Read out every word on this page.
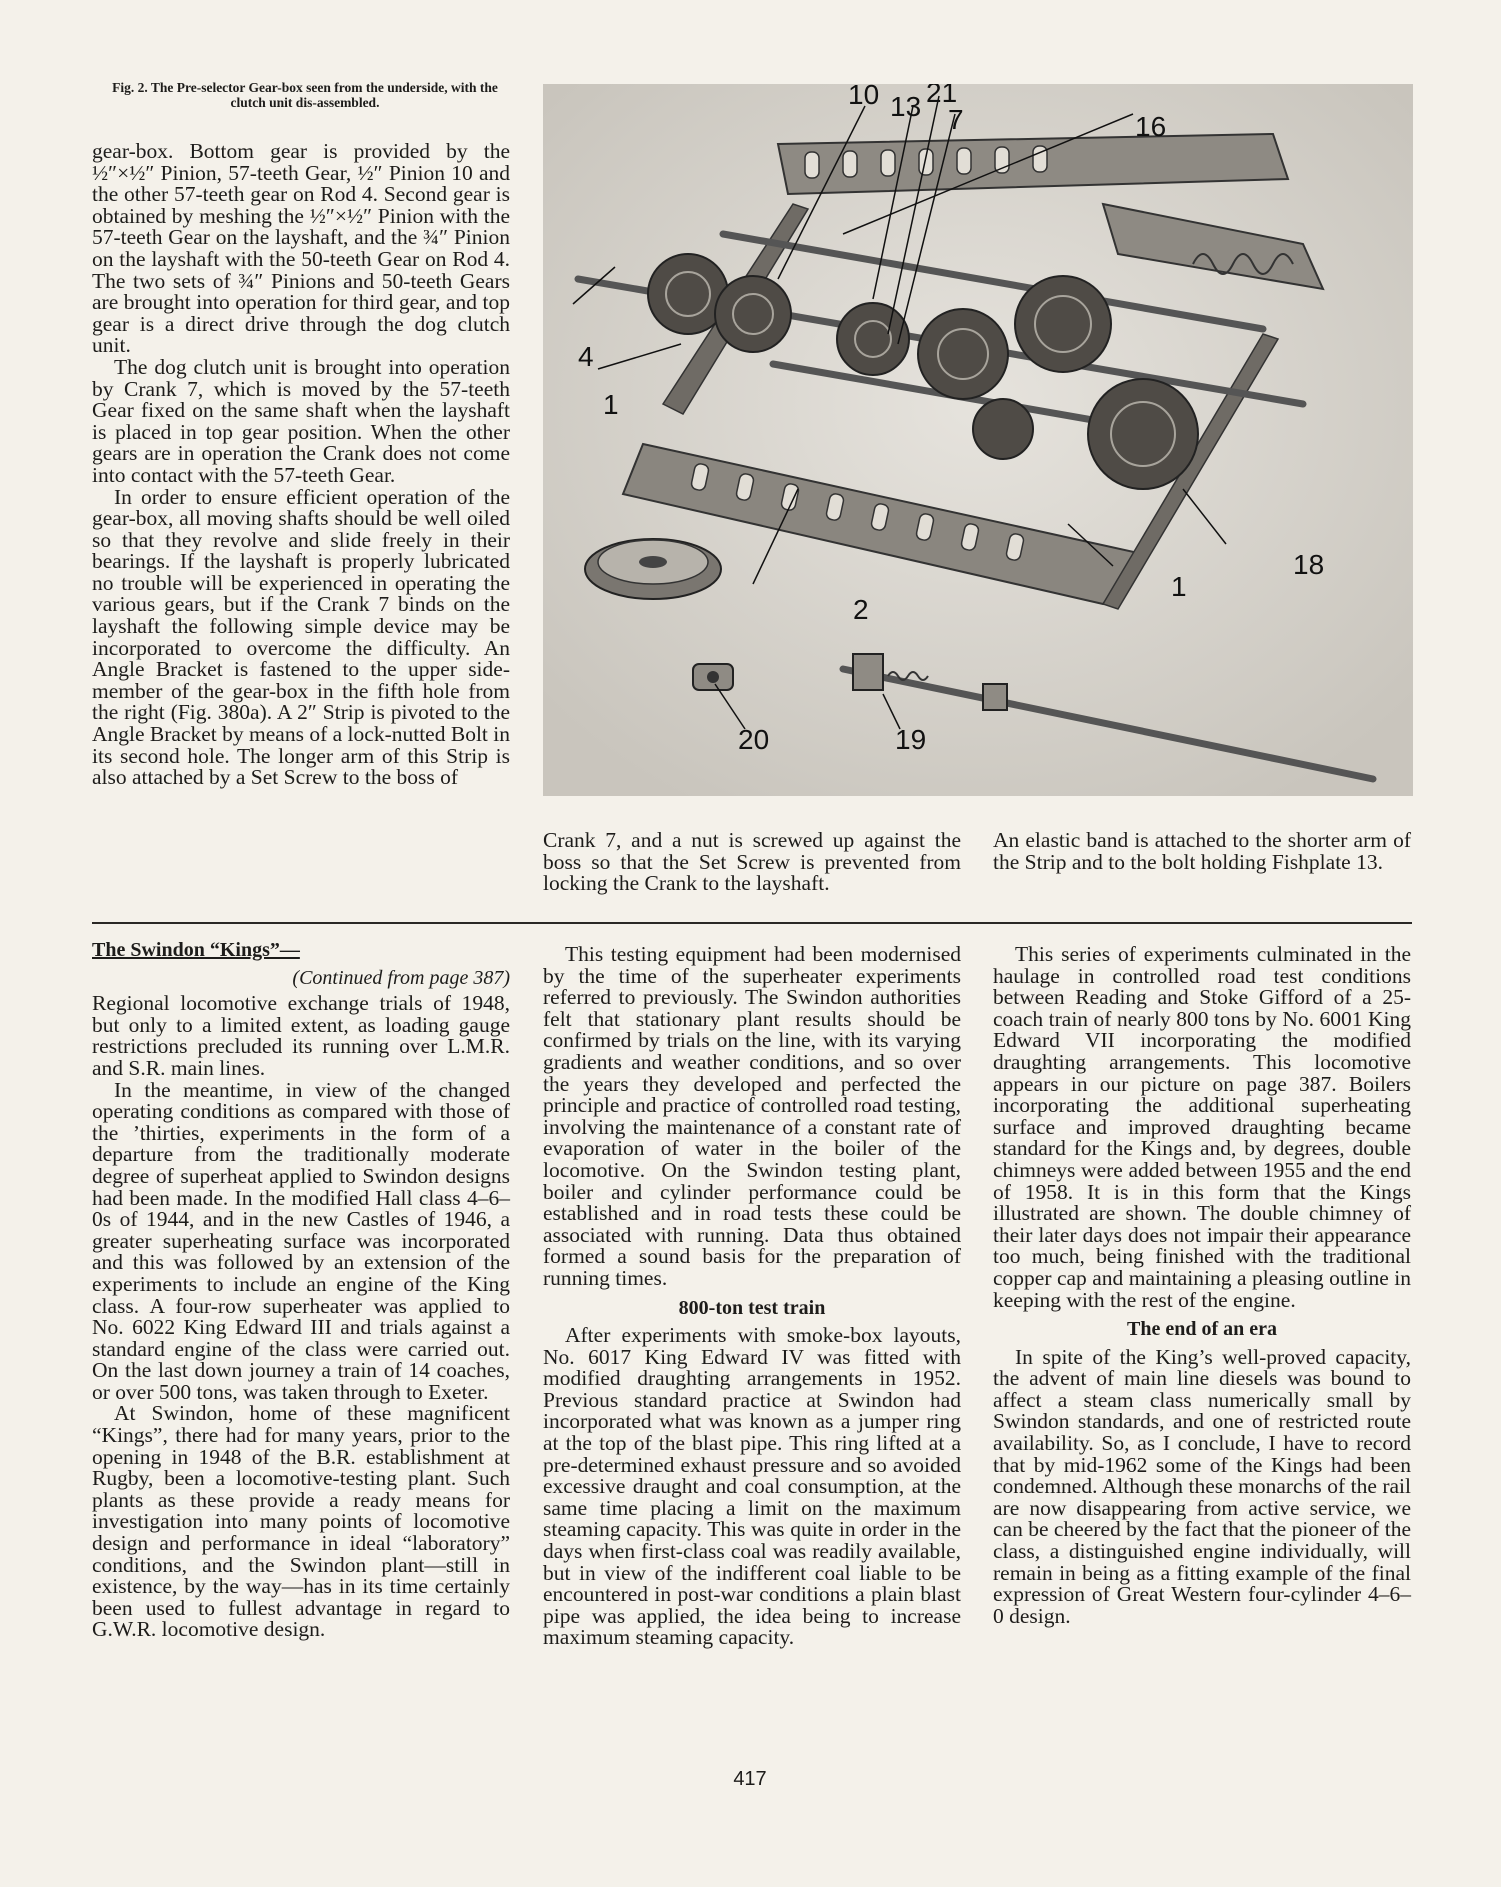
Fig. 2. The Pre-selector Gear-box seen from the underside, with the clutch unit dis-assembled.

gear-box. Bottom gear is provided by the ½″×½″ Pinion, 57-teeth Gear, ½″ Pinion 10 and the other 57-teeth gear on Rod 4. Second gear is obtained by meshing the ½″×½″ Pinion with the 57-teeth Gear on the layshaft, and the ¾″ Pinion on the layshaft with the 50-teeth Gear on Rod 4. The two sets of ¾″ Pinions and 50-teeth Gears are brought into operation for third gear, and top gear is a direct drive through the dog clutch unit.

The dog clutch unit is brought into operation by Crank 7, which is moved by the 57-teeth Gear fixed on the same shaft when the layshaft is placed in top gear position. When the other gears are in operation the Crank does not come into contact with the 57-teeth Gear.

In order to ensure efficient operation of the gear-box, all moving shafts should be well oiled so that they revolve and slide freely in their bearings. If the layshaft is properly lubricated no trouble will be experienced in operating the various gears, but if the Crank 7 binds on the layshaft the following simple device may be incorporated to overcome the difficulty. An Angle Bracket is fastened to the upper side-member of the gear-box in the fifth hole from the right (Fig. 380a). A 2″ Strip is pivoted to the Angle Bracket by means of a lock-nutted Bolt in its second hole. The longer arm of this Strip is also attached by a Set Screw to the boss of

10 13 21
7	16
4
1
1
18
2
20	19

Crank 7, and a nut is screwed up against the boss so that the Set Screw is prevented from locking the Crank to the layshaft.

An elastic band is attached to the shorter arm of the Strip and to the bolt holding Fishplate 13.

The Swindon “Kings”—
(Continued from page 387)

Regional locomotive exchange trials of 1948, but only to a limited extent, as loading gauge restrictions precluded its running over L.M.R. and S.R. main lines.

In the meantime, in view of the changed operating conditions as compared with those of the ’thirties, experiments in the form of a departure from the traditionally moderate degree of superheat applied to Swindon designs had been made. In the modified Hall class 4–6–0s of 1944, and in the new Castles of 1946, a greater superheating surface was incorporated and this was followed by an extension of the experiments to include an engine of the King class. A four-row superheater was applied to No. 6022 King Edward III and trials against a standard engine of the class were carried out. On the last down journey a train of 14 coaches, or over 500 tons, was taken through to Exeter.

At Swindon, home of these magnificent “Kings”, there had for many years, prior to the opening in 1948 of the B.R. establishment at Rugby, been a locomotive-testing plant. Such plants as these provide a ready means for investigation into many points of locomotive design and performance in ideal “laboratory” conditions, and the Swindon plant—still in existence, by the way—has in its time certainly been used to fullest advantage in regard to G.W.R. locomotive design.

This testing equipment had been modernised by the time of the superheater experiments referred to previously. The Swindon authorities felt that stationary plant results should be confirmed by trials on the line, with its varying gradients and weather conditions, and so over the years they developed and perfected the principle and practice of controlled road testing, involving the maintenance of a constant rate of evaporation of water in the boiler of the locomotive. On the Swindon testing plant, boiler and cylinder performance could be established and in road tests these could be associated with running. Data thus obtained formed a sound basis for the preparation of running times.

800-ton test train

After experiments with smoke-box layouts, No. 6017 King Edward IV was fitted with modified draughting arrangements in 1952. Previous standard practice at Swindon had incorporated what was known as a jumper ring at the top of the blast pipe. This ring lifted at a pre-determined exhaust pressure and so avoided excessive draught and coal consumption, at the same time placing a limit on the maximum steaming capacity. This was quite in order in the days when first-class coal was readily available, but in view of the indifferent coal liable to be encountered in post-war conditions a plain blast pipe was applied, the idea being to increase maximum steaming capacity.

This series of experiments culminated in the haulage in controlled road test conditions between Reading and Stoke Gifford of a 25-coach train of nearly 800 tons by No. 6001 King Edward VII incorporating the modified draughting arrangements. This locomotive appears in our picture on page 387. Boilers incorporating the additional superheating surface and improved draughting became standard for the Kings and, by degrees, double chimneys were added between 1955 and the end of 1958. It is in this form that the Kings illustrated are shown. The double chimney of their later days does not impair their appearance too much, being finished with the traditional copper cap and maintaining a pleasing outline in keeping with the rest of the engine.

The end of an era

In spite of the King’s well-proved capacity, the advent of main line diesels was bound to affect a steam class numerically small by Swindon standards, and one of restricted route availability. So, as I conclude, I have to record that by mid-1962 some of the Kings had been condemned. Although these monarchs of the rail are now disappearing from active service, we can be cheered by the fact that the pioneer of the class, a distinguished engine individually, will remain in being as a fitting example of the final expression of Great Western four-cylinder 4–6–0 design.

417
